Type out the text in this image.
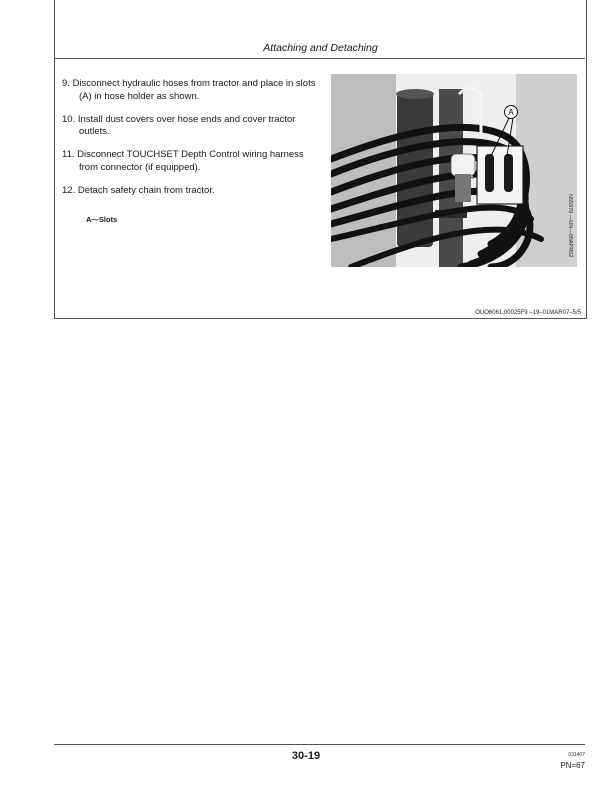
Attaching and Detaching
9. Disconnect hydraulic hoses from tractor and place in slots (A) in hose holder as shown.
10. Install dust covers over hose ends and cover tractor outlets.
11. Disconnect TOUCHSET Depth Control wiring harness from connector (if equipped).
12. Detach safety chain from tractor.
A—Slots
A
N55970 —UN—05APR02
OUO6061,00025F9 –19–01MAR07–5/5
30-19	031407
PN=67
